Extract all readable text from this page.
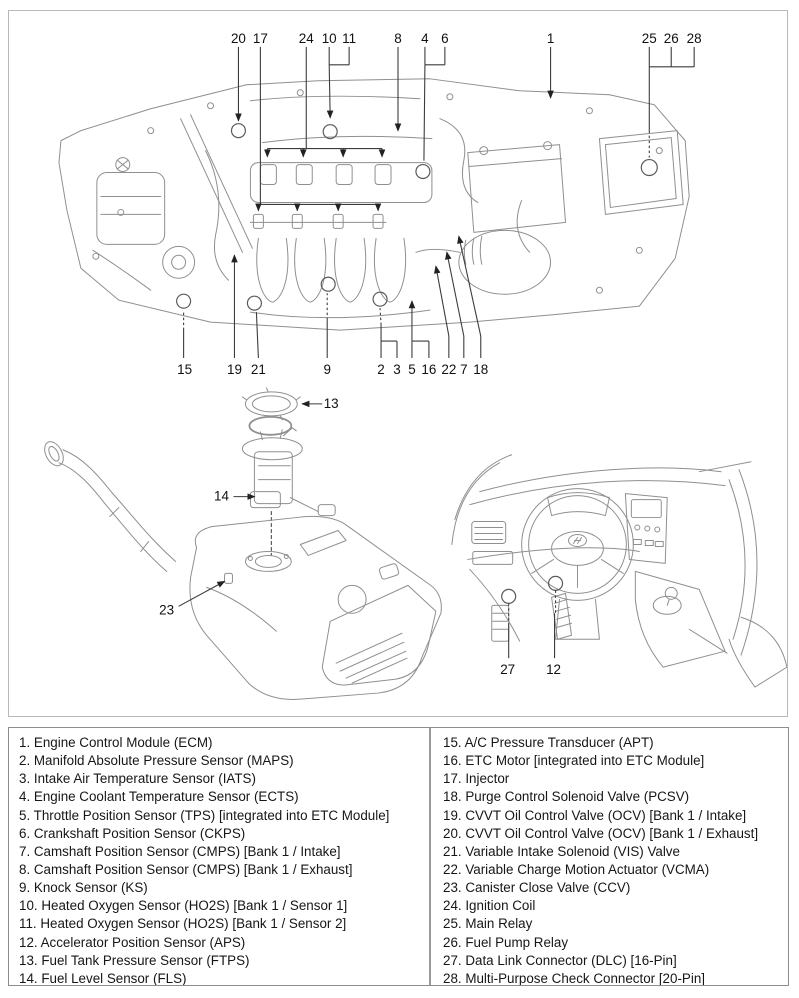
20 17 24 10 11	8 4 6	1	25 26 28
15	19 21	9	2 3 5 16 22 7 18
13
14
23
27 12
1. Engine Control Module (ECM)
2. Manifold Absolute Pressure Sensor (MAPS)
3. Intake Air Temperature Sensor (IATS)
4. Engine Coolant Temperature Sensor (ECTS)
5. Throttle Position Sensor (TPS) [integrated into ETC Module]
6. Crankshaft Position Sensor (CKPS)
7. Camshaft Position Sensor (CMPS) [Bank 1 / Intake]
8. Camshaft Position Sensor (CMPS) [Bank 1 / Exhaust]
9. Knock Sensor (KS)
10. Heated Oxygen Sensor (HO2S) [Bank 1 / Sensor 1]
11. Heated Oxygen Sensor (HO2S) [Bank 1 / Sensor 2]
12. Accelerator Position Sensor (APS)
13. Fuel Tank Pressure Sensor (FTPS)
14. Fuel Level Sensor (FLS)
15. A/C Pressure Transducer (APT)
16. ETC Motor [integrated into ETC Module]
17. Injector
18. Purge Control Solenoid Valve (PCSV)
19. CVVT Oil Control Valve (OCV) [Bank 1 / Intake]
20. CVVT Oil Control Valve (OCV) [Bank 1 / Exhaust]
21. Variable Intake Solenoid (VIS) Valve
22. Variable Charge Motion Actuator (VCMA)
23. Canister Close Valve (CCV)
24. Ignition Coil
25. Main Relay
26. Fuel Pump Relay
27. Data Link Connector (DLC) [16-Pin]
28. Multi-Purpose Check Connector [20-Pin]
